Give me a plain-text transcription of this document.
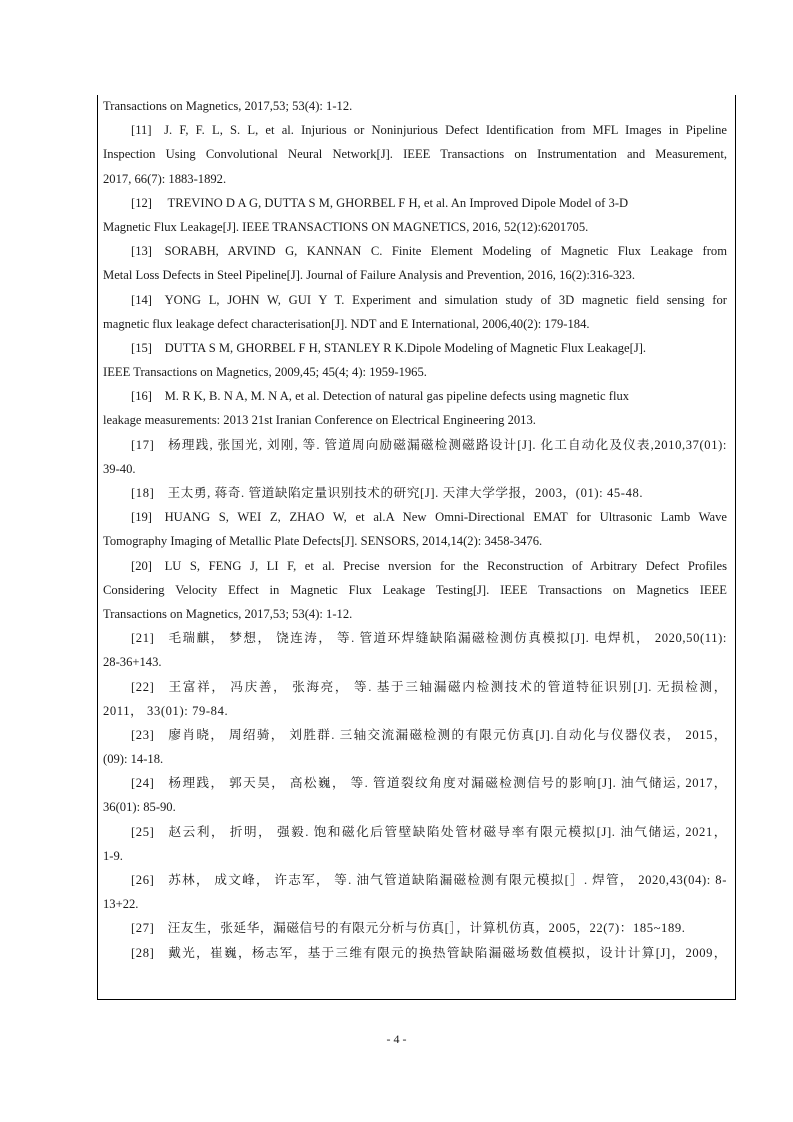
Transactions on Magnetics, 2017,53; 53(4): 1-12.
[11] J. F, F. L, S. L, et al. Injurious or Noninjurious Defect Identification from MFL Images in Pipeline
Inspection Using Convolutional Neural Network[J]. IEEE Transactions on Instrumentation and Measurement,
2017, 66(7): 1883-1892.
[12]  TREVINO D A G, DUTTA S M, GHORBEL F H, et al. An Improved Dipole Model of 3-D
Magnetic Flux Leakage[J]. IEEE TRANSACTIONS ON MAGNETICS, 2016, 52(12):6201705.
[13] SORABH, ARVIND G, KANNAN C. Finite Element Modeling of Magnetic Flux Leakage from
Metal Loss Defects in Steel Pipeline[J]. Journal of Failure Analysis and Prevention, 2016, 16(2):316-323.
[14] YONG L, JOHN W, GUI Y T. Experiment and simulation study of 3D magnetic field sensing for
magnetic flux leakage defect characterisation[J]. NDT and E International, 2006,40(2): 179-184.
[15] DUTTA S M, GHORBEL F H, STANLEY R K.Dipole Modeling of Magnetic Flux Leakage[J].
IEEE Transactions on Magnetics, 2009,45; 45(4; 4): 1959-1965.
[16] M. R K, B. N A, M. N A, et al. Detection of natural gas pipeline defects using magnetic flux
leakage measurements: 2013 21st Iranian Conference on Electrical Engineering 2013.
[17] 杨理践, 张国光, 刘刚, 等. 管道周向励磁漏磁检测磁路设计[J]. 化工自动化及仪表,2010,37(01):
39-40.
[18] 王太勇, 蒋奇. 管道缺陷定量识别技术的研究[J]. 天津大学学报，2003，(01): 45-48.
[19] HUANG S, WEI Z, ZHAO W, et al.A New Omni-Directional EMAT for Ultrasonic Lamb Wave
Tomography Imaging of Metallic Plate Defects[J]. SENSORS, 2014,14(2): 3458-3476.
[20] LU S, FENG J, LI F, et al. Precise nversion for the Reconstruction of Arbitrary Defect Profiles
Considering Velocity Effect in Magnetic Flux Leakage Testing[J]. IEEE Transactions on Magnetics IEEE
Transactions on Magnetics, 2017,53; 53(4): 1-12.
[21] 毛瑞麒， 梦想， 饶连涛， 等. 管道环焊缝缺陷漏磁检测仿真模拟[J]. 电焊机， 2020,50(11):
28-36+143.
[22] 王富祥， 冯庆善， 张海亮， 等. 基于三轴漏磁内检测技术的管道特征识别[J]. 无损检测，
2011， 33(01): 79-84.
[23] 廖肖晓， 周绍骑， 刘胜群. 三轴交流漏磁检测的有限元仿真[J].自动化与仪器仪表， 2015，
(09): 14-18.
[24] 杨理践， 郭天昊， 高松巍， 等. 管道裂纹角度对漏磁检测信号的影响[J]. 油气储运, 2017，
36(01): 85-90.
[25] 赵云利， 折明， 强毅. 饱和磁化后管壁缺陷处管材磁导率有限元模拟[J]. 油气储运, 2021，
1-9.
[26] 苏林， 成文峰， 许志军， 等. 油气管道缺陷漏磁检测有限元模拟[］. 焊管， 2020,43(04): 8-
13+22.
[27] 汪友生，张延华，漏磁信号的有限元分析与仿真[］，计算机仿真，2005，22(7)：185~189.
[28] 戴光，崔巍，杨志军，基于三维有限元的换热管缺陷漏磁场数值模拟，设计计算[J]，2009，
- 4 -
